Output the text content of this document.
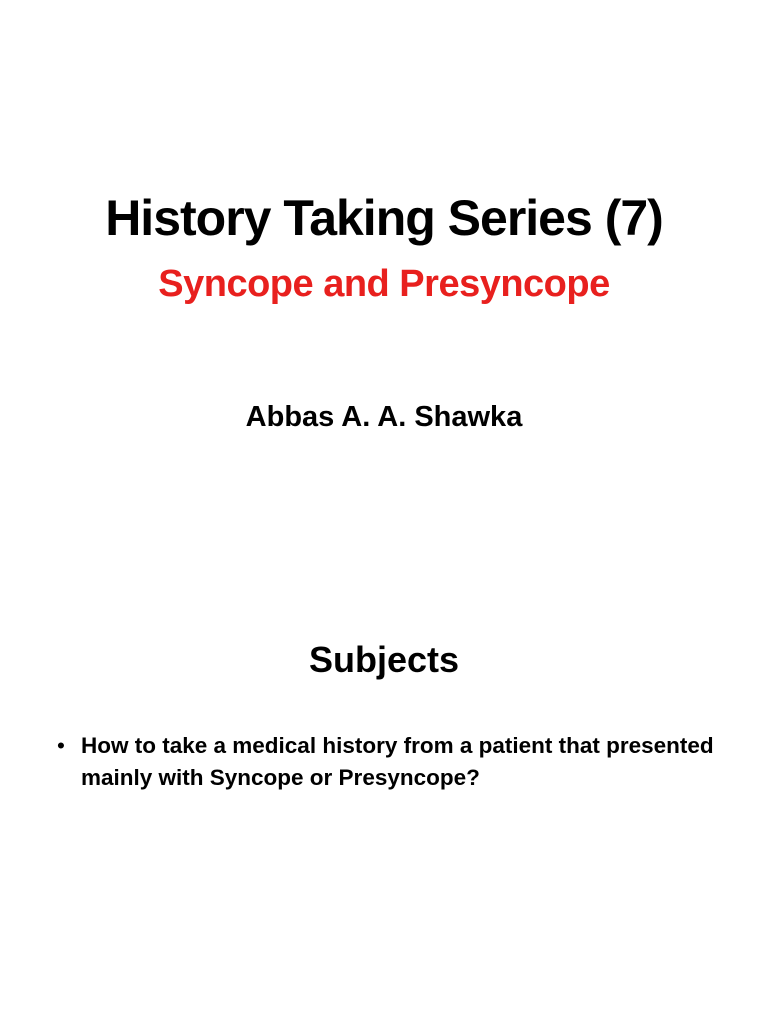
History Taking Series (7)
Syncope and Presyncope
Abbas A. A. Shawka
Subjects
• How to take a medical history from a patient that presented mainly with Syncope or Presyncope?
